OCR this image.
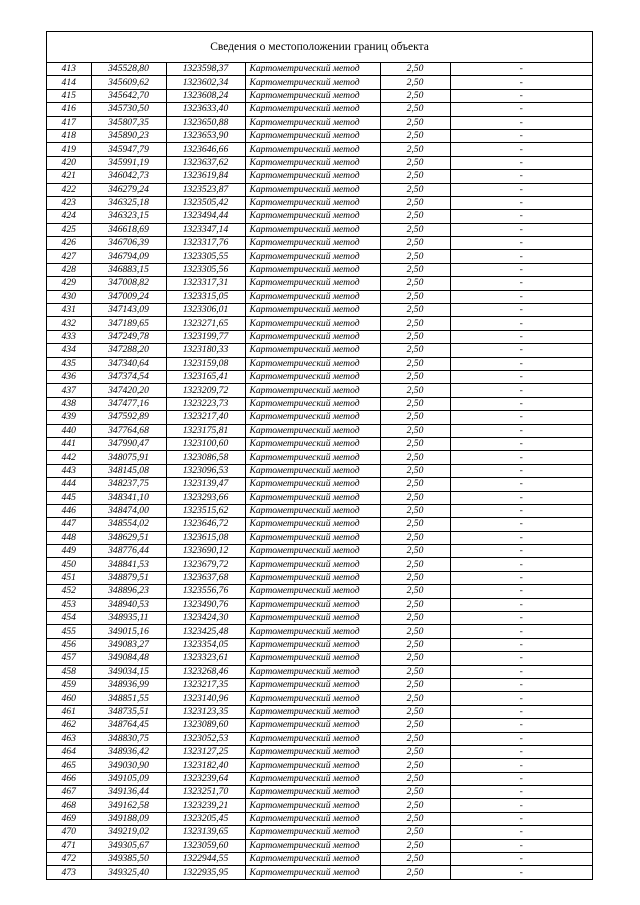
Сведения о местоположении границ объекта
413	345528,80	1323598,37	Картометрический метод	2,50	-
414	345609,62	1323602,34	Картометрический метод	2,50	-
415	345642,70	1323608,24	Картометрический метод	2,50	-
416	345730,50	1323633,40	Картометрический метод	2,50	-
417	345807,35	1323650,88	Картометрический метод	2,50	-
418	345890,23	1323653,90	Картометрический метод	2,50	-
419	345947,79	1323646,66	Картометрический метод	2,50	-
420	345991,19	1323637,62	Картометрический метод	2,50	-
421	346042,73	1323619,84	Картометрический метод	2,50	-
422	346279,24	1323523,87	Картометрический метод	2,50	-
423	346325,18	1323505,42	Картометрический метод	2,50	-
424	346323,15	1323494,44	Картометрический метод	2,50	-
425	346618,69	1323347,14	Картометрический метод	2,50	-
426	346706,39	1323317,76	Картометрический метод	2,50	-
427	346794,09	1323305,55	Картометрический метод	2,50	-
428	346883,15	1323305,56	Картометрический метод	2,50	-
429	347008,82	1323317,31	Картометрический метод	2,50	-
430	347009,24	1323315,05	Картометрический метод	2,50	-
431	347143,09	1323306,01	Картометрический метод	2,50	-
432	347189,65	1323271,65	Картометрический метод	2,50	-
433	347249,78	1323199,77	Картометрический метод	2,50	-
434	347288,20	1323180,33	Картометрический метод	2,50	-
435	347340,64	1323159,08	Картометрический метод	2,50	-
436	347374,54	1323165,41	Картометрический метод	2,50	-
437	347420,20	1323209,72	Картометрический метод	2,50	-
438	347477,16	1323223,73	Картометрический метод	2,50	-
439	347592,89	1323217,40	Картометрический метод	2,50	-
440	347764,68	1323175,81	Картометрический метод	2,50	-
441	347990,47	1323100,60	Картометрический метод	2,50	-
442	348075,91	1323086,58	Картометрический метод	2,50	-
443	348145,08	1323096,53	Картометрический метод	2,50	-
444	348237,75	1323139,47	Картометрический метод	2,50	-
445	348341,10	1323293,66	Картометрический метод	2,50	-
446	348474,00	1323515,62	Картометрический метод	2,50	-
447	348554,02	1323646,72	Картометрический метод	2,50	-
448	348629,51	1323615,08	Картометрический метод	2,50	-
449	348776,44	1323690,12	Картометрический метод	2,50	-
450	348841,53	1323679,72	Картометрический метод	2,50	-
451	348879,51	1323637,68	Картометрический метод	2,50	-
452	348896,23	1323556,76	Картометрический метод	2,50	-
453	348940,53	1323490,76	Картометрический метод	2,50	-
454	348935,11	1323424,30	Картометрический метод	2,50	-
455	349015,16	1323425,48	Картометрический метод	2,50	-
456	349083,27	1323354,05	Картометрический метод	2,50	-
457	349084,48	1323323,61	Картометрический метод	2,50	-
458	349034,15	1323268,46	Картометрический метод	2,50	-
459	348936,99	1323217,35	Картометрический метод	2,50	-
460	348851,55	1323140,96	Картометрический метод	2,50	-
461	348735,51	1323123,35	Картометрический метод	2,50	-
462	348764,45	1323089,60	Картометрический метод	2,50	-
463	348830,75	1323052,53	Картометрический метод	2,50	-
464	348936,42	1323127,25	Картометрический метод	2,50	-
465	349030,90	1323182,40	Картометрический метод	2,50	-
466	349105,09	1323239,64	Картометрический метод	2,50	-
467	349136,44	1323251,70	Картометрический метод	2,50	-
468	349162,58	1323239,21	Картометрический метод	2,50	-
469	349188,09	1323205,45	Картометрический метод	2,50	-
470	349219,02	1323139,65	Картометрический метод	2,50	-
471	349305,67	1323059,60	Картометрический метод	2,50	-
472	349385,50	1322944,55	Картометрический метод	2,50	-
473	349325,40	1322935,95	Картометрический метод	2,50	-
